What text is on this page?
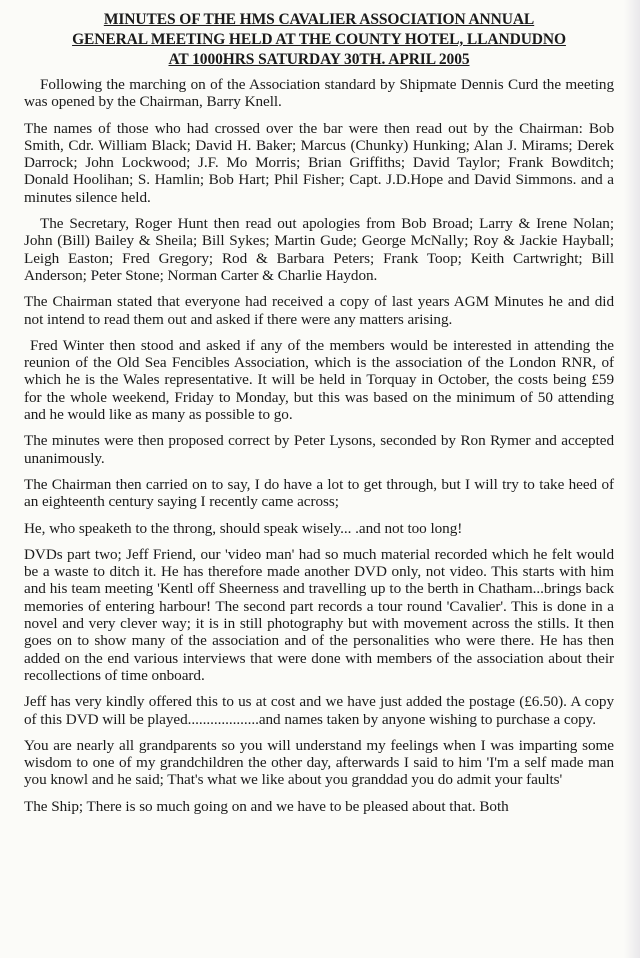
MINUTES OF THE HMS CAVALIER ASSOCIATION ANNUAL
GENERAL MEETING HELD AT THE COUNTY HOTEL, LLANDUDNO
AT 1000HRS SATURDAY 30TH. APRIL 2005

Following the marching on of the Association standard by Shipmate Dennis Curd the meeting was opened by the Chairman, Barry Knell.

The names of those who had crossed over the bar were then read out by the Chairman: Bob Smith, Cdr. William Black; David H. Baker; Marcus (Chunky) Hunking; Alan J. Mirams; Derek Darrock; John Lockwood; J.F. Mo Morris; Brian Griffiths; David Taylor; Frank Bowditch; Donald Hoolihan; S. Hamlin; Bob Hart; Phil Fisher; Capt. J.D.Hope and David Simmons. and a minutes silence held.

The Secretary, Roger Hunt then read out apologies from Bob Broad; Larry & Irene Nolan; John (Bill) Bailey & Sheila; Bill Sykes; Martin Gude; George McNally; Roy & Jackie Hayball; Leigh Easton; Fred Gregory; Rod & Barbara Peters; Frank Toop; Keith Cartwright; Bill Anderson; Peter Stone; Norman Carter & Charlie Haydon.

The Chairman stated that everyone had received a copy of last years AGM Minutes he and did not intend to read them out and asked if there were any matters arising.

Fred Winter then stood and asked if any of the members would be interested in attending the reunion of the Old Sea Fencibles Association, which is the association of the London RNR, of which he is the Wales representative. It will be held in Torquay in October, the costs being £59 for the whole weekend, Friday to Monday, but this was based on the minimum of 50 attending and he would like as many as possible to go.

The minutes were then proposed correct by Peter Lysons, seconded by Ron Rymer and accepted unanimously.

The Chairman then carried on to say, I do have a lot to get through, but I will try to take heed of an eighteenth century saying I recently came across;

He, who speaketh to the throng, should speak wisely... .and not too long!

DVDs part two; Jeff Friend, our 'video man' had so much material recorded which he felt would be a waste to ditch it. He has therefore made another DVD only, not video. This starts with him and his team meeting 'Kentl off Sheerness and travelling up to the berth in Chatham...brings back memories of entering harbour! The second part records a tour round 'Cavalier'. This is done in a novel and very clever way; it is in still photography but with movement across the stills. It then goes on to show many of the association and of the personalities who were there. He has then added on the end various interviews that were done with members of the association about their recollections of time onboard.

Jeff has very kindly offered this to us at cost and we have just added the postage (£6.50). A copy of this DVD will be played...................and names taken by anyone wishing to purchase a copy.

You are nearly all grandparents so you will understand my feelings when I was imparting some wisdom to one of my grandchildren the other day, afterwards I said to him 'I'm a self made man you knowl and he said; That's what we like about you granddad you do admit your faults'

The Ship; There is so much going on and we have to be pleased about that. Both
